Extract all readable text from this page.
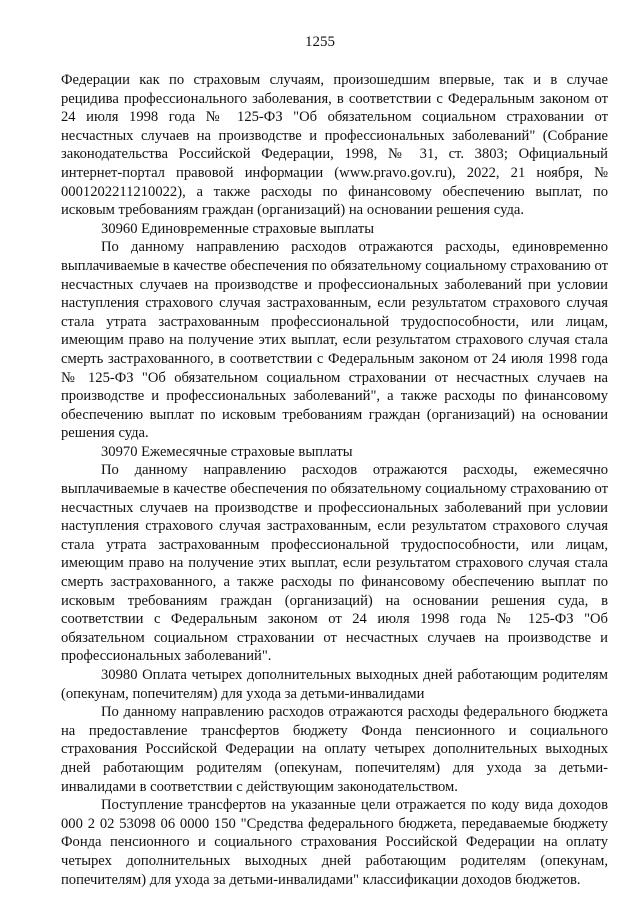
1255

Федерации как по страховым случаям, произошедшим впервые, так и в случае рецидива профессионального заболевания, в соответствии с Федеральным законом от 24 июля 1998 года № 125-ФЗ "Об обязательном социальном страховании от несчастных случаев на производстве и профессиональных заболеваний" (Собрание законодательства Российской Федерации, 1998, № 31, ст. 3803; Официальный интернет-портал правовой информации (www.pravo.gov.ru), 2022, 21 ноября, № 0001202211210022), а также расходы по финансовому обеспечению выплат, по исковым требованиям граждан (организаций) на основании решения суда.

30960 Единовременные страховые выплаты

По данному направлению расходов отражаются расходы, единовременно выплачиваемые в качестве обеспечения по обязательному социальному страхованию от несчастных случаев на производстве и профессиональных заболеваний при условии наступления страхового случая застрахованным, если результатом страхового случая стала утрата застрахованным профессиональной трудоспособности, или лицам, имеющим право на получение этих выплат, если результатом страхового случая стала смерть застрахованного, в соответствии с Федеральным законом от 24 июля 1998 года № 125-ФЗ "Об обязательном социальном страховании от несчастных случаев на производстве и профессиональных заболеваний", а также расходы по финансовому обеспечению выплат по исковым требованиям граждан (организаций) на основании решения суда.

30970 Ежемесячные страховые выплаты

По данному направлению расходов отражаются расходы, ежемесячно выплачиваемые в качестве обеспечения по обязательному социальному страхованию от несчастных случаев на производстве и профессиональных заболеваний при условии наступления страхового случая застрахованным, если результатом страхового случая стала утрата застрахованным профессиональной трудоспособности, или лицам, имеющим право на получение этих выплат, если результатом страхового случая стала смерть застрахованного, а также расходы по финансовому обеспечению выплат по исковым требованиям граждан (организаций) на основании решения суда, в соответствии с Федеральным законом от 24 июля 1998 года № 125-ФЗ "Об обязательном социальном страховании от несчастных случаев на производстве и профессиональных заболеваний".

30980 Оплата четырех дополнительных выходных дней работающим родителям (опекунам, попечителям) для ухода за детьми-инвалидами

По данному направлению расходов отражаются расходы федерального бюджета на предоставление трансфертов бюджету Фонда пенсионного и социального страхования Российской Федерации на оплату четырех дополнительных выходных дней работающим родителям (опекунам, попечителям) для ухода за детьми-инвалидами в соответствии с действующим законодательством.

Поступление трансфертов на указанные цели отражается по коду вида доходов 000 2 02 53098 06 0000 150 "Средства федерального бюджета, передаваемые бюджету Фонда пенсионного и социального страхования Российской Федерации на оплату четырех дополнительных выходных дней работающим родителям (опекунам, попечителям) для ухода за детьми-инвалидами" классификации доходов бюджетов.
